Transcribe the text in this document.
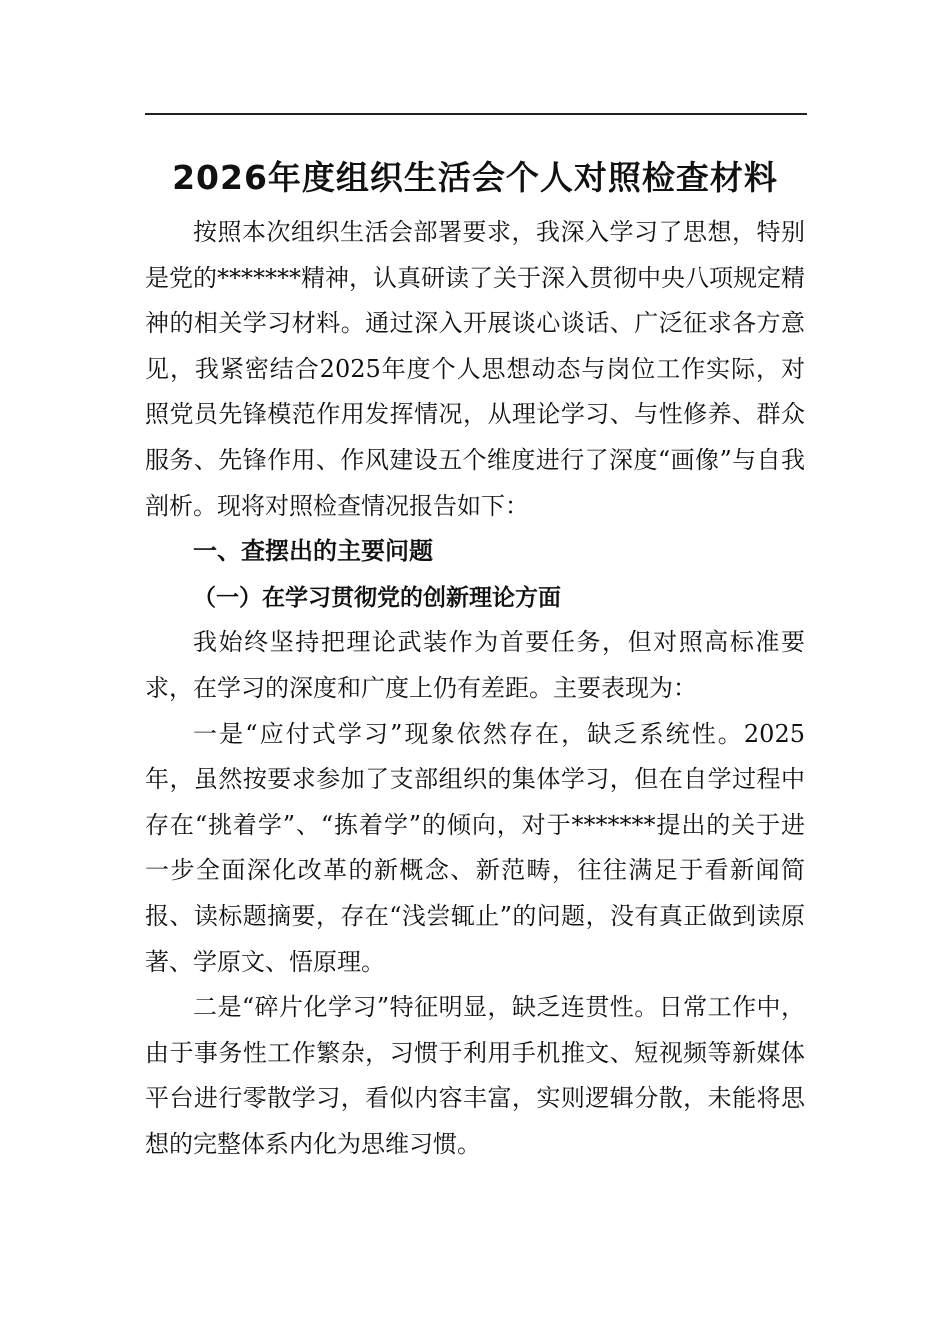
2026年度组织生活会个人对照检查材料

按照本次组织生活会部署要求，我深入学习了思想，特别是党的*******精神，认真研读了关于深入贯彻中央八项规定精神的相关学习材料。通过深入开展谈心谈话、广泛征求各方意见，我紧密结合2025年度个人思想动态与岗位工作实际，对照党员先锋模范作用发挥情况，从理论学习、与性修养、群众服务、先锋作用、作风建设五个维度进行了深度“画像”与自我剖析。现将对照检查情况报告如下：

一、查摆出的主要问题

（一）在学习贯彻党的创新理论方面

我始终坚持把理论武装作为首要任务，但对照高标准要求，在学习的深度和广度上仍有差距。主要表现为：

一是“应付式学习”现象依然存在，缺乏系统性。2025年，虽然按要求参加了支部组织的集体学习，但在自学过程中存在“挑着学”、“拣着学”的倾向，对于*******提出的关于进一步全面深化改革的新概念、新范畴，往往满足于看新闻简报、读标题摘要，存在“浅尝辄止”的问题，没有真正做到读原著、学原文、悟原理。

二是“碎片化学习”特征明显，缺乏连贯性。日常工作中，由于事务性工作繁杂，习惯于利用手机推文、短视频等新媒体平台进行零散学习，看似内容丰富，实则逻辑分散，未能将思想的完整体系内化为思维习惯。
